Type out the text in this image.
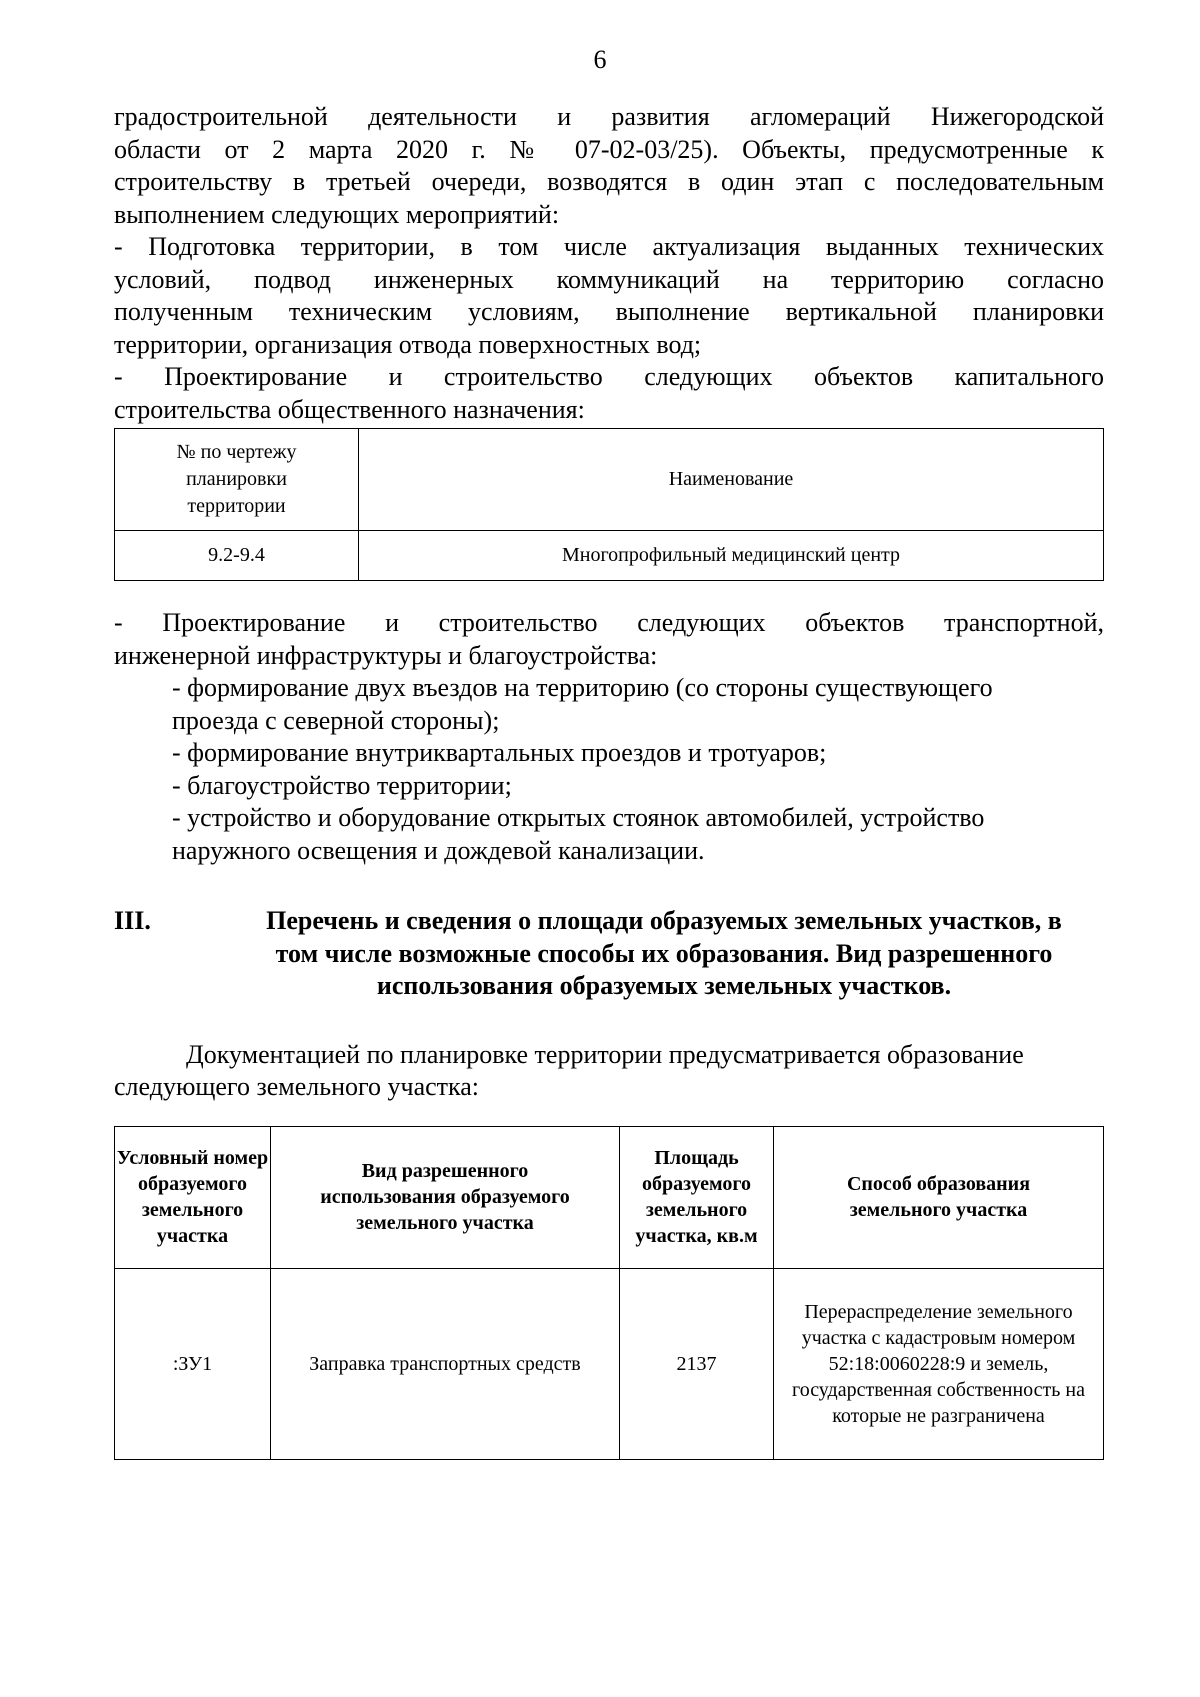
6
градостроительной деятельности и развития агломераций Нижегородской
области от 2 марта 2020 г. № 07-02-03/25). Объекты, предусмотренные к
строительству в третьей очереди, возводятся в один этап с последовательным
выполнением следующих мероприятий:
- Подготовка территории, в том числе актуализация выданных технических
условий, подвод инженерных коммуникаций на территорию согласно
полученным техническим условиям, выполнение вертикальной планировки
территории, организация отвода поверхностных вод;
- Проектирование и строительство следующих объектов капитального
строительства общественного назначения:
№ по чертежу планировки территории	Наименование
9.2-9.4	Многопрофильный медицинский центр
- Проектирование и строительство следующих объектов транспортной,
инженерной инфраструктуры и благоустройства:
- формирование двух въездов на территорию (со стороны существующего
проезда с северной стороны);
- формирование внутриквартальных проездов и тротуаров;
- благоустройство территории;
- устройство и оборудование открытых стоянок автомобилей, устройство
наружного освещения и дождевой канализации.
III.	Перечень и сведения о площади образуемых земельных участков, в
том числе возможные способы их образования. Вид разрешенного
использования образуемых земельных участков.
Документацией по планировке территории предусматривается образование
следующего земельного участка:
Условный номер образуемого земельного участка	Вид разрешенного использования образуемого земельного участка	Площадь образуемого земельного участка, кв.м	Способ образования земельного участка

:ЗУ1	Заправка транспортных средств	2137	Перераспределение земельного участка с кадастровым номером 52:18:0060228:9 и земель, государственная собственность на которые не разграничена
